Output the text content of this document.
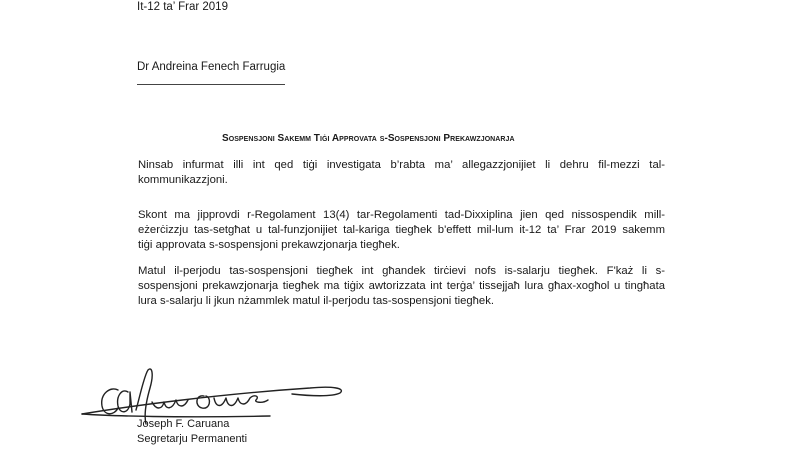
It-12 ta’ Frar 2019
Dr Andreina Fenech Farrugia
Sospensjoni Sakemm Tiġi Approvata s-Sospensjoni Prekawzjonarja
Ninsab infurmat illi int qed tiġi investigata b’rabta ma’ allegazzjonijiet li dehru fil-mezzi tal-
kommunikazzjoni.
Skont ma jipprovdi r-Regolament 13(4) tar-Regolamenti tad-Dixxiplina jien qed nissospendik mill-
eżerċizzju tas-setgħat u tal-funzjonijiet tal-kariga tiegħek b'effett mil-lum it-12 ta’ Frar 2019 sakemm
tiġi approvata s-sospensjoni prekawzjonarja tiegħek.
Matul il-perjodu tas-sospensjoni tiegħek int għandek tirċievi nofs is-salarju tiegħek. F'każ li s-
sospensjoni prekawzjonarja tiegħek ma tiġix awtorizzata int terġa’ tissejjaħ lura għax-xogħol u tingħata
lura s-salarju li jkun nżammlek matul il-perjodu tas-sospensjoni tiegħek.
Joseph F. Caruana
Segretarju Permanenti
